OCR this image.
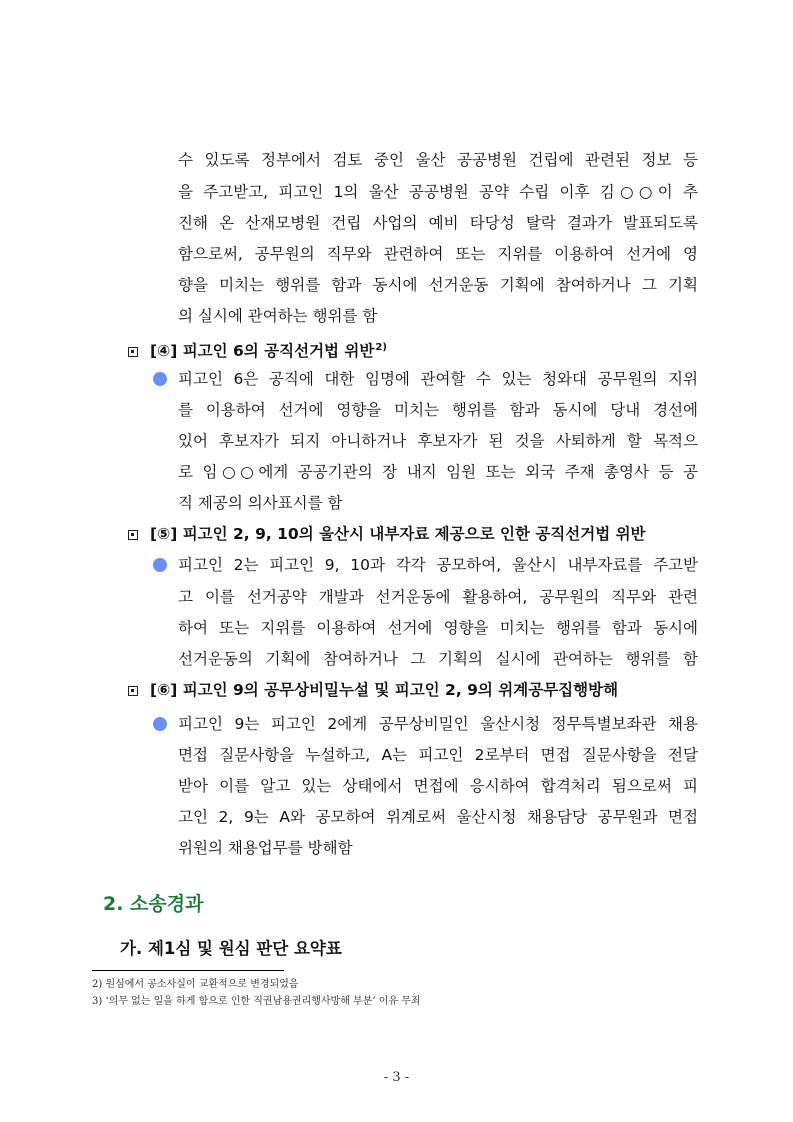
수 있도록 정부에서 검토 중인 울산 공공병원 건립에 관련된 정보 등
을 주고받고, 피고인 1의 울산 공공병원 공약 수립 이후 김○○이 추
진해 온 산재모병원 건립 사업의 예비 타당성 탈락 결과가 발표되도록
함으로써, 공무원의 직무와 관련하여 또는 지위를 이용하여 선거에 영
향을 미치는 행위를 함과 동시에 선거운동 기획에 참여하거나 그 기획
의 실시에 관여하는 행위를 함
[④] 피고인 6의 공직선거법 위반$^{2)}$
피고인 6은 공직에 대한 임명에 관여할 수 있는 청와대 공무원의 지위
를 이용하여 선거에 영향을 미치는 행위를 함과 동시에 당내 경선에
있어 후보자가 되지 아니하거나 후보자가 된 것을 사퇴하게 할 목적으
로 임○○에게 공공기관의 장 내지 임원 또는 외국 주재 총영사 등 공
직 제공의 의사표시를 함
[⑤] 피고인 2, 9, 10의 울산시 내부자료 제공으로 인한 공직선거법 위반
피고인 2는 피고인 9, 10과 각각 공모하여, 울산시 내부자료를 주고받
고 이를 선거공약 개발과 선거운동에 활용하여, 공무원의 직무와 관련
하여 또는 지위를 이용하여 선거에 영향을 미치는 행위를 함과 동시에
선거운동의 기획에 참여하거나 그 기획의 실시에 관여하는 행위를 함
[⑥] 피고인 9의 공무상비밀누설 및 피고인 2, 9의 위계공무집행방해
피고인 9는 피고인 2에게 공무상비밀인 울산시청 정무특별보좌관 채용
면접 질문사항을 누설하고, A는 피고인 2로부터 면접 질문사항을 전달
받아 이를 알고 있는 상태에서 면접에 응시하여 합격처리 됨으로써 피
고인 2, 9는 A와 공모하여 위계로써 울산시청 채용담당 공무원과 면접
위원의 채용업무를 방해함
2. 소송경과
가. 제1심 및 원심 판단 요약표
2) 원심에서 공소사실이 교환적으로 변경되었음
3) ‘의무 없는 일을 하게 함으로 인한 직권남용권리행사방해 부분’ 이유 무죄
- 3 -
